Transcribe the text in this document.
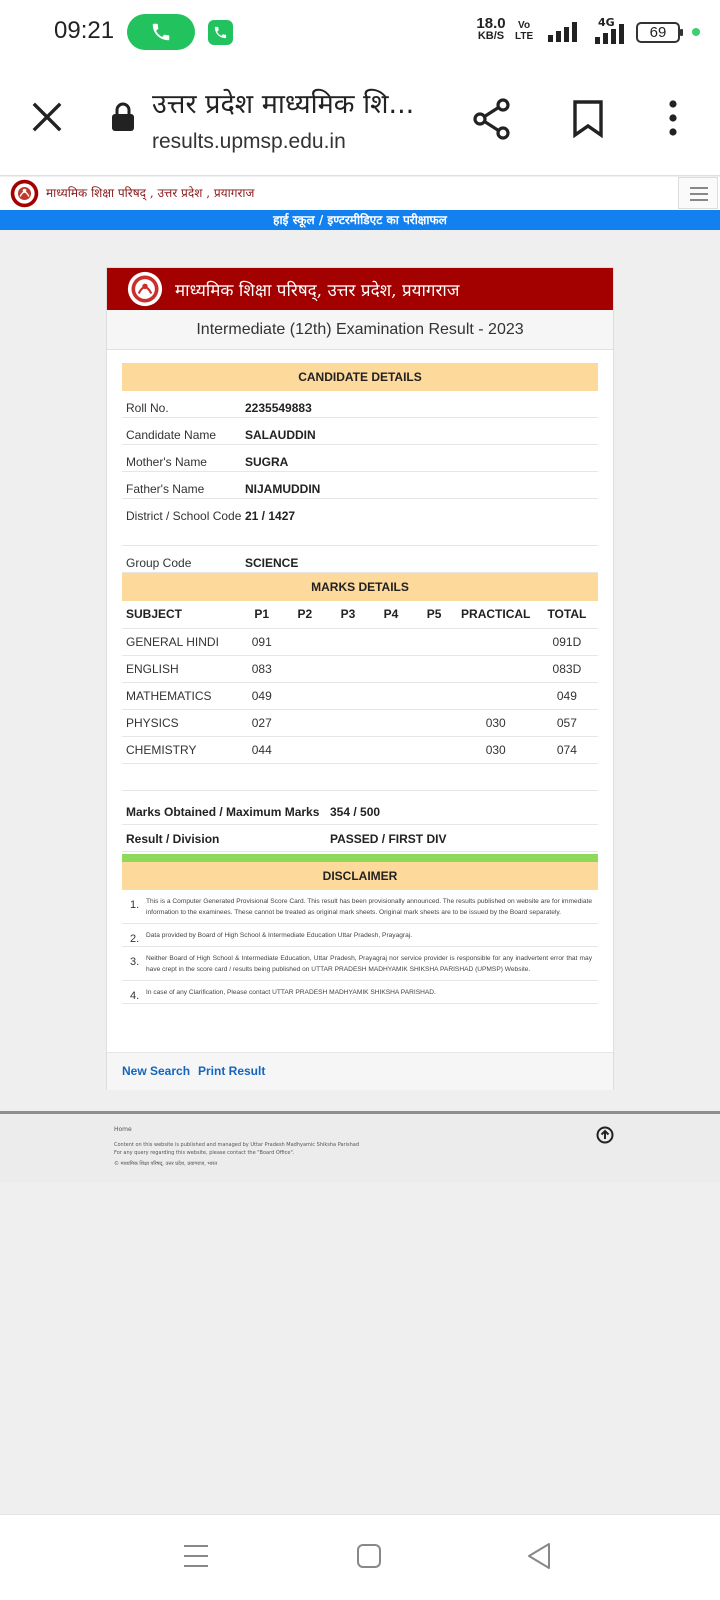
09:21	18.0
KB/S
Vo
LTE
4G
69
उत्तर प्रदेश माध्यमिक शि...
results.upmsp.edu.in
माध्यमिक शिक्षा परिषद् , उत्तर प्रदेश , प्रयागराज
हाई स्कूल / इण्टरमीडिएट का परीक्षाफल
माध्यमिक शिक्षा परिषद्, उत्तर प्रदेश, प्रयागराज
Intermediate (12th) Examination Result - 2023
CANDIDATE DETAILS
Roll No.	2235549883
Candidate Name	SALAUDDIN
Mother's Name	SUGRA
Father's Name	NIJAMUDDIN
District / School Code 21 / 1427
Group Code	SCIENCE
MARKS DETAILS
SUBJECT	P1	P2	P3	P4	P5	PRACTICAL	TOTAL
GENERAL HINDI	091						091D
ENGLISH	083						083D
MATHEMATICS	049						049
PHYSICS	027					030	057
CHEMISTRY	044					030	074
Marks Obtained / Maximum Marks 354 / 500
Result / Division	PASSED / FIRST DIV
DISCLAIMER
1. This is a Computer Generated Provisional Score Card. This result has been provisionally announced. The results published on website are for immediate information to the examinees. These cannot be treated as original mark sheets. Original mark sheets are to be issued by the Board separately.
2. Data provided by Board of High School & Intermediate Education Uttar Pradesh, Prayagraj.
3. Neither Board of High School & Intermediate Education, Uttar Pradesh, Prayagraj nor service provider is responsible for any inadvertent error that may have crept in the score card / results being published on UTTAR PRADESH MADHYAMIK SHIKSHA PARISHAD (UPMSP) Website.
4. In case of any Clarification, Please contact UTTAR PRADESH MADHYAMIK SHIKSHA PARISHAD.
New Search Print Result
Home
Content on this website is published and managed by Uttar Pradesh Madhyamic Shiksha Parishad
For any query regarding this website, please contact the "Board Office".
© माध्यमिक शिक्षा परिषद्, उत्तर प्रदेश, प्रयागराज, भारत
